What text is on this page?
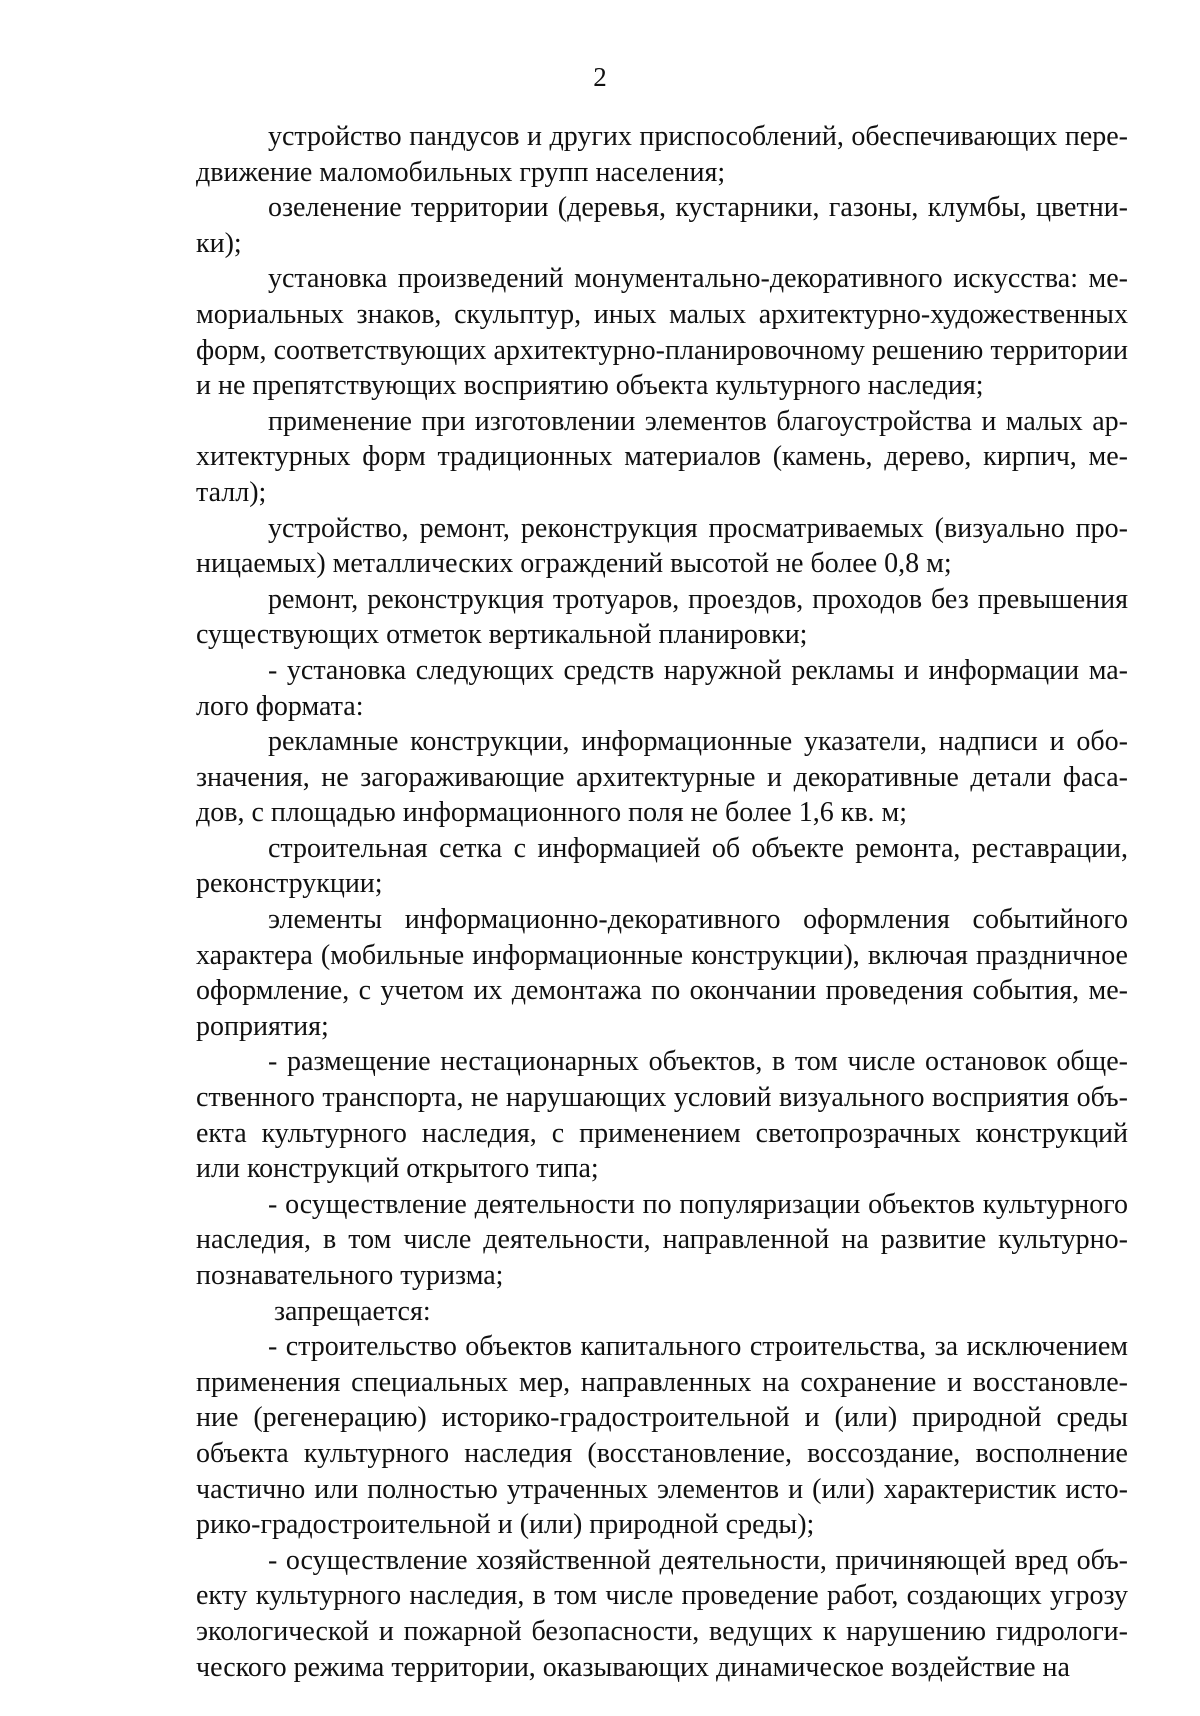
2

устройство пандусов и других приспособлений, обеспечивающих передвижение маломобильных групп населения;

озеленение территории (деревья, кустарники, газоны, клумбы, цветники);

установка произведений монументально-декоративного искусства: мемориальных знаков, скульптур, иных малых архитектурно-художественных форм, соответствующих архитектурно-планировочному решению территории и не препятствующих восприятию объекта культурного наследия;

применение при изготовлении элементов благоустройства и малых архитектурных форм традиционных материалов (камень, дерево, кирпич, металл);

устройство, ремонт, реконструкция просматриваемых (визуально проницаемых) металлических ограждений высотой не более 0,8 м;

ремонт, реконструкция тротуаров, проездов, проходов без превышения существующих отметок вертикальной планировки;

- установка следующих средств наружной рекламы и информации малого формата:

рекламные конструкции, информационные указатели, надписи и обозначения, не загораживающие архитектурные и декоративные детали фасадов, с площадью информационного поля не более 1,6 кв. м;

строительная сетка с информацией об объекте ремонта, реставрации, реконструкции;

элементы информационно-декоративного оформления событийного характера (мобильные информационные конструкции), включая праздничное оформление, с учетом их демонтажа по окончании проведения события, мероприятия;

- размещение нестационарных объектов, в том числе остановок общественного транспорта, не нарушающих условий визуального восприятия объекта культурного наследия, с применением светопрозрачных конструкций или конструкций открытого типа;

- осуществление деятельности по популяризации объектов культурного наследия, в том числе деятельности, направленной на развитие культурно-познавательного туризма;

запрещается:

- строительство объектов капитального строительства, за исключением применения специальных мер, направленных на сохранение и восстановление (регенерацию) историко-градостроительной и (или) природной среды объекта культурного наследия (восстановление, воссоздание, восполнение частично или полностью утраченных элементов и (или) характеристик историко-градостроительной и (или) природной среды);

- осуществление хозяйственной деятельности, причиняющей вред объекту культурного наследия, в том числе проведение работ, создающих угрозу экологической и пожарной безопасности, ведущих к нарушению гидрологического режима территории, оказывающих динамическое воздействие на
